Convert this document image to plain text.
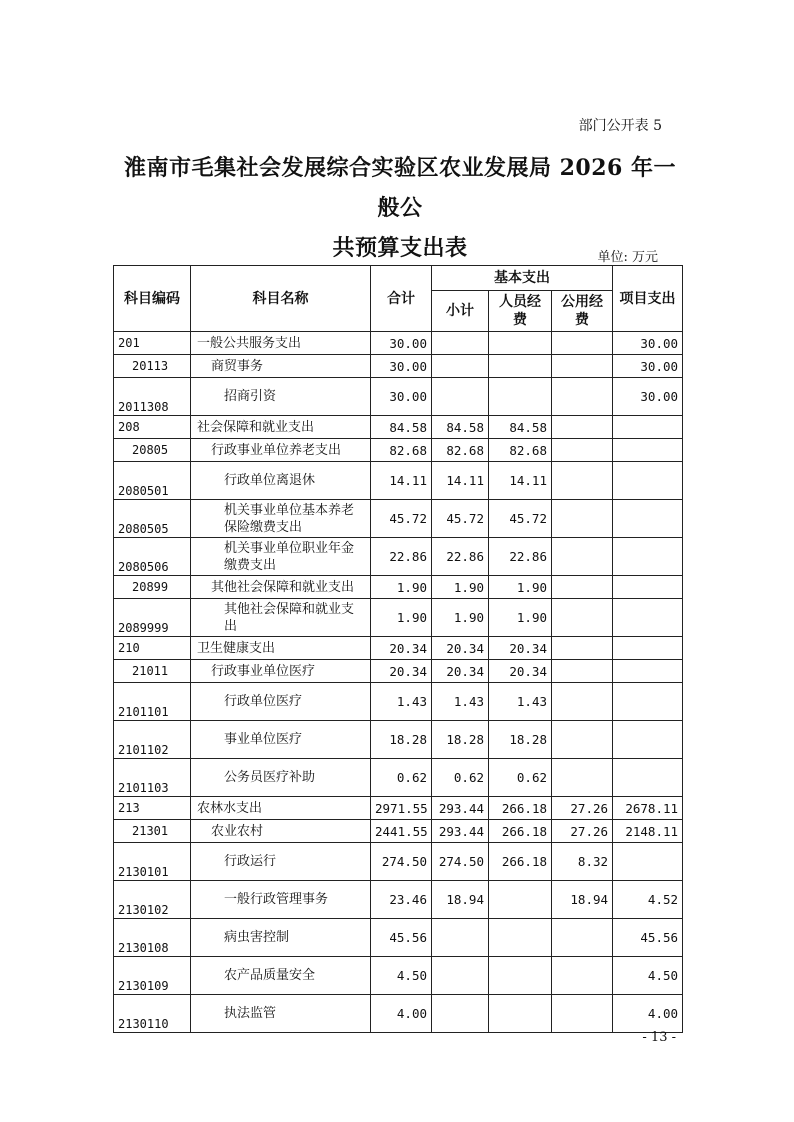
部门公开表 5
淮南市毛集社会发展综合实验区农业发展局 2026 年一般公
共预算支出表	单位: 万元
科目编码	科目名称	合计	基本支出			项目支出
			小计	人员经费	公用经费	
201	一般公共服务支出	30.00				30.00
20113	商贸事务	30.00				30.00
2011308	招商引资	30.00				30.00
208	社会保障和就业支出	84.58	84.58	84.58		
20805	行政事业单位养老支出	82.68	82.68	82.68		
2080501	行政单位离退休	14.11	14.11	14.11		
2080505	机关事业单位基本养老保险缴费支出	45.72	45.72	45.72		
2080506	机关事业单位职业年金缴费支出	22.86	22.86	22.86		
20899	其他社会保障和就业支出	1.90	1.90	1.90		
2089999	其他社会保障和就业支出	1.90	1.90	1.90		
210	卫生健康支出	20.34	20.34	20.34		
21011	行政事业单位医疗	20.34	20.34	20.34		
2101101	行政单位医疗	1.43	1.43	1.43		
2101102	事业单位医疗	18.28	18.28	18.28		
2101103	公务员医疗补助	0.62	0.62	0.62		
213	农林水支出	2971.55	293.44	266.18	27.26	2678.11
21301	农业农村	2441.55	293.44	266.18	27.26	2148.11
2130101	行政运行	274.50	274.50	266.18	8.32	
2130102	一般行政管理事务	23.46	18.94		18.94	4.52
2130108	病虫害控制	45.56				45.56
2130109	农产品质量安全	4.50				4.50
2130110	执法监管	4.00				4.00
- 13 -
